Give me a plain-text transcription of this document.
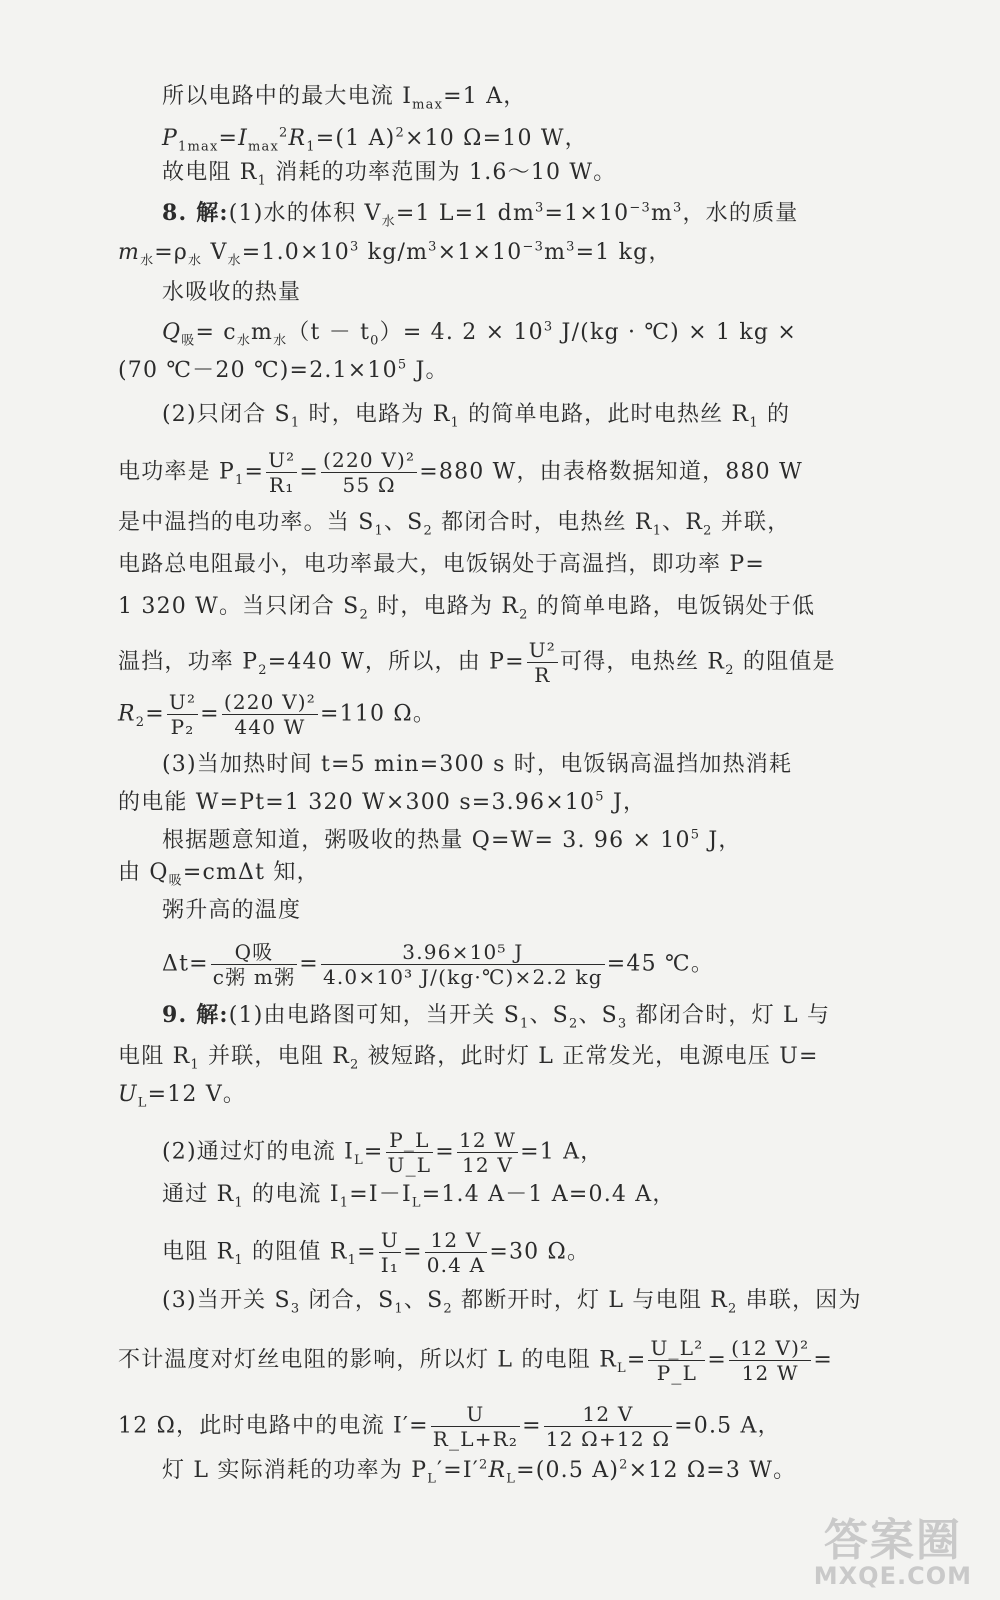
所以电路中的最大电流 $I_{max}=1$ A，
$P_{1max}=I_{max}^2R_1=(1$ A)$^2$×10 Ω=10 W，
故电阻 $R_1$ 消耗的功率范围为 1.6～10 W。
8. 解:(1)水的体积 $V_水=1$ L=1 $dm^3=1\times 10^{-3}m^3$，水的质量
$m_水=\rho_水$ $V_水=1.0\times 10^3$ $kg/m^3\times 1\times 10^{-3}m^3=1$ kg，
水吸收的热量
$Q_吸= c_水m_水(t - t_0)= 4$. $2 \times 10^3$ J/(kg · ℃) × 1 kg ×
(70 ℃－20 $℃)=2.1\times 10^5$ J。
(2)只闭合 $S_1$ 时，电路为 $R_1$ 的简单电路，此时电热丝 $R_1$ 的
电功率是 $P_1= \frac{\text{U²}}{\text{R₁}} = \frac{\text{(220 V)²}}{55 \Omega} =880$ W，由表格数据知道，880 W
是中温挡的电功率。当 $S_1$、$S_2$ 都闭合时，电热丝 $R_1$、$R_2$ 并联，
电路总电阻最小，电功率最大，电饭锅处于高温挡，即功率 P=
1 320 W。当只闭合 $S_2$ 时，电路为 $R_2$ 的简单电路，电饭锅处于低
温挡，功率 $P_2=440$ W，所以，由 $P= \frac{\text{U²}}{R}$ 可得，电热丝 $R_2$ 的阻值是
$R_2= \frac{\text{U²}}{\text{P₂}} = \frac{\text{(220 V)²}}{440 W} =110$ Ω。
(3)当加热时间 t=5 min=300 s 时，电饭锅高温挡加热消耗
的电能 W=Pt=1 320 W×300 $s=3.96\times 10^5$ J，
根据题意知道，粥吸收的热量 Q=W= 3. $96 \times 10^5$ J，
由 $Q_吸=cm\Delta t$ 知，
粥升高的温度
$\Delta t= \frac{\text{Q吸}}{\text{c粥 m粥}} = \frac{\text{3.96×10⁵ J}}{\text{4.0×10³ J/(kg·℃)×2.2 kg}} =45$ ℃。
9. 解:(1)由电路图可知，当开关 $S_1$、$S_2$、$S_3$ 都闭合时，灯 L 与
电阻 $R_1$ 并联，电阻 $R_2$ 被短路，此时灯 L 正常发光，电源电压 U=
$U_L=12$ V。
(2)通过灯的电流 $I_L= \frac{P\_L}{U\_L} = \frac{12 W}{12 V} =1$ A，
通过 $R_1$ 的电流 $I_1=I-I_L=1.4$ A－1 A=0.4 A，
电阻 $R_1$ 的阻值 $R_1= \frac{U}{\text{I₁}} = \frac{12 V}{0.4 A} =30$ Ω。
(3)当开关 $S_3$ 闭合，$S_1$、$S_2$ 都断开时，灯 L 与电阻 $R_2$ 串联，因为
不计温度对灯丝电阻的影响，所以灯 L 的电阻 $R_L= \frac{\text{U\_L²}}{P\_L} = \frac{\text{(12 V)²}}{12 W}$ =
12 Ω，此时电路中的电流 $I'= \frac{U}{\text{R\_L+R₂}} = \frac{12 V}{12 \Omega+12 \Omega} =0.5$ A，
灯 L 实际消耗的功率为 $P_L'=I'^2R_L=(0.5$ A)$^2$×12 Ω=3 W。
答案圈
MXQE.COM
